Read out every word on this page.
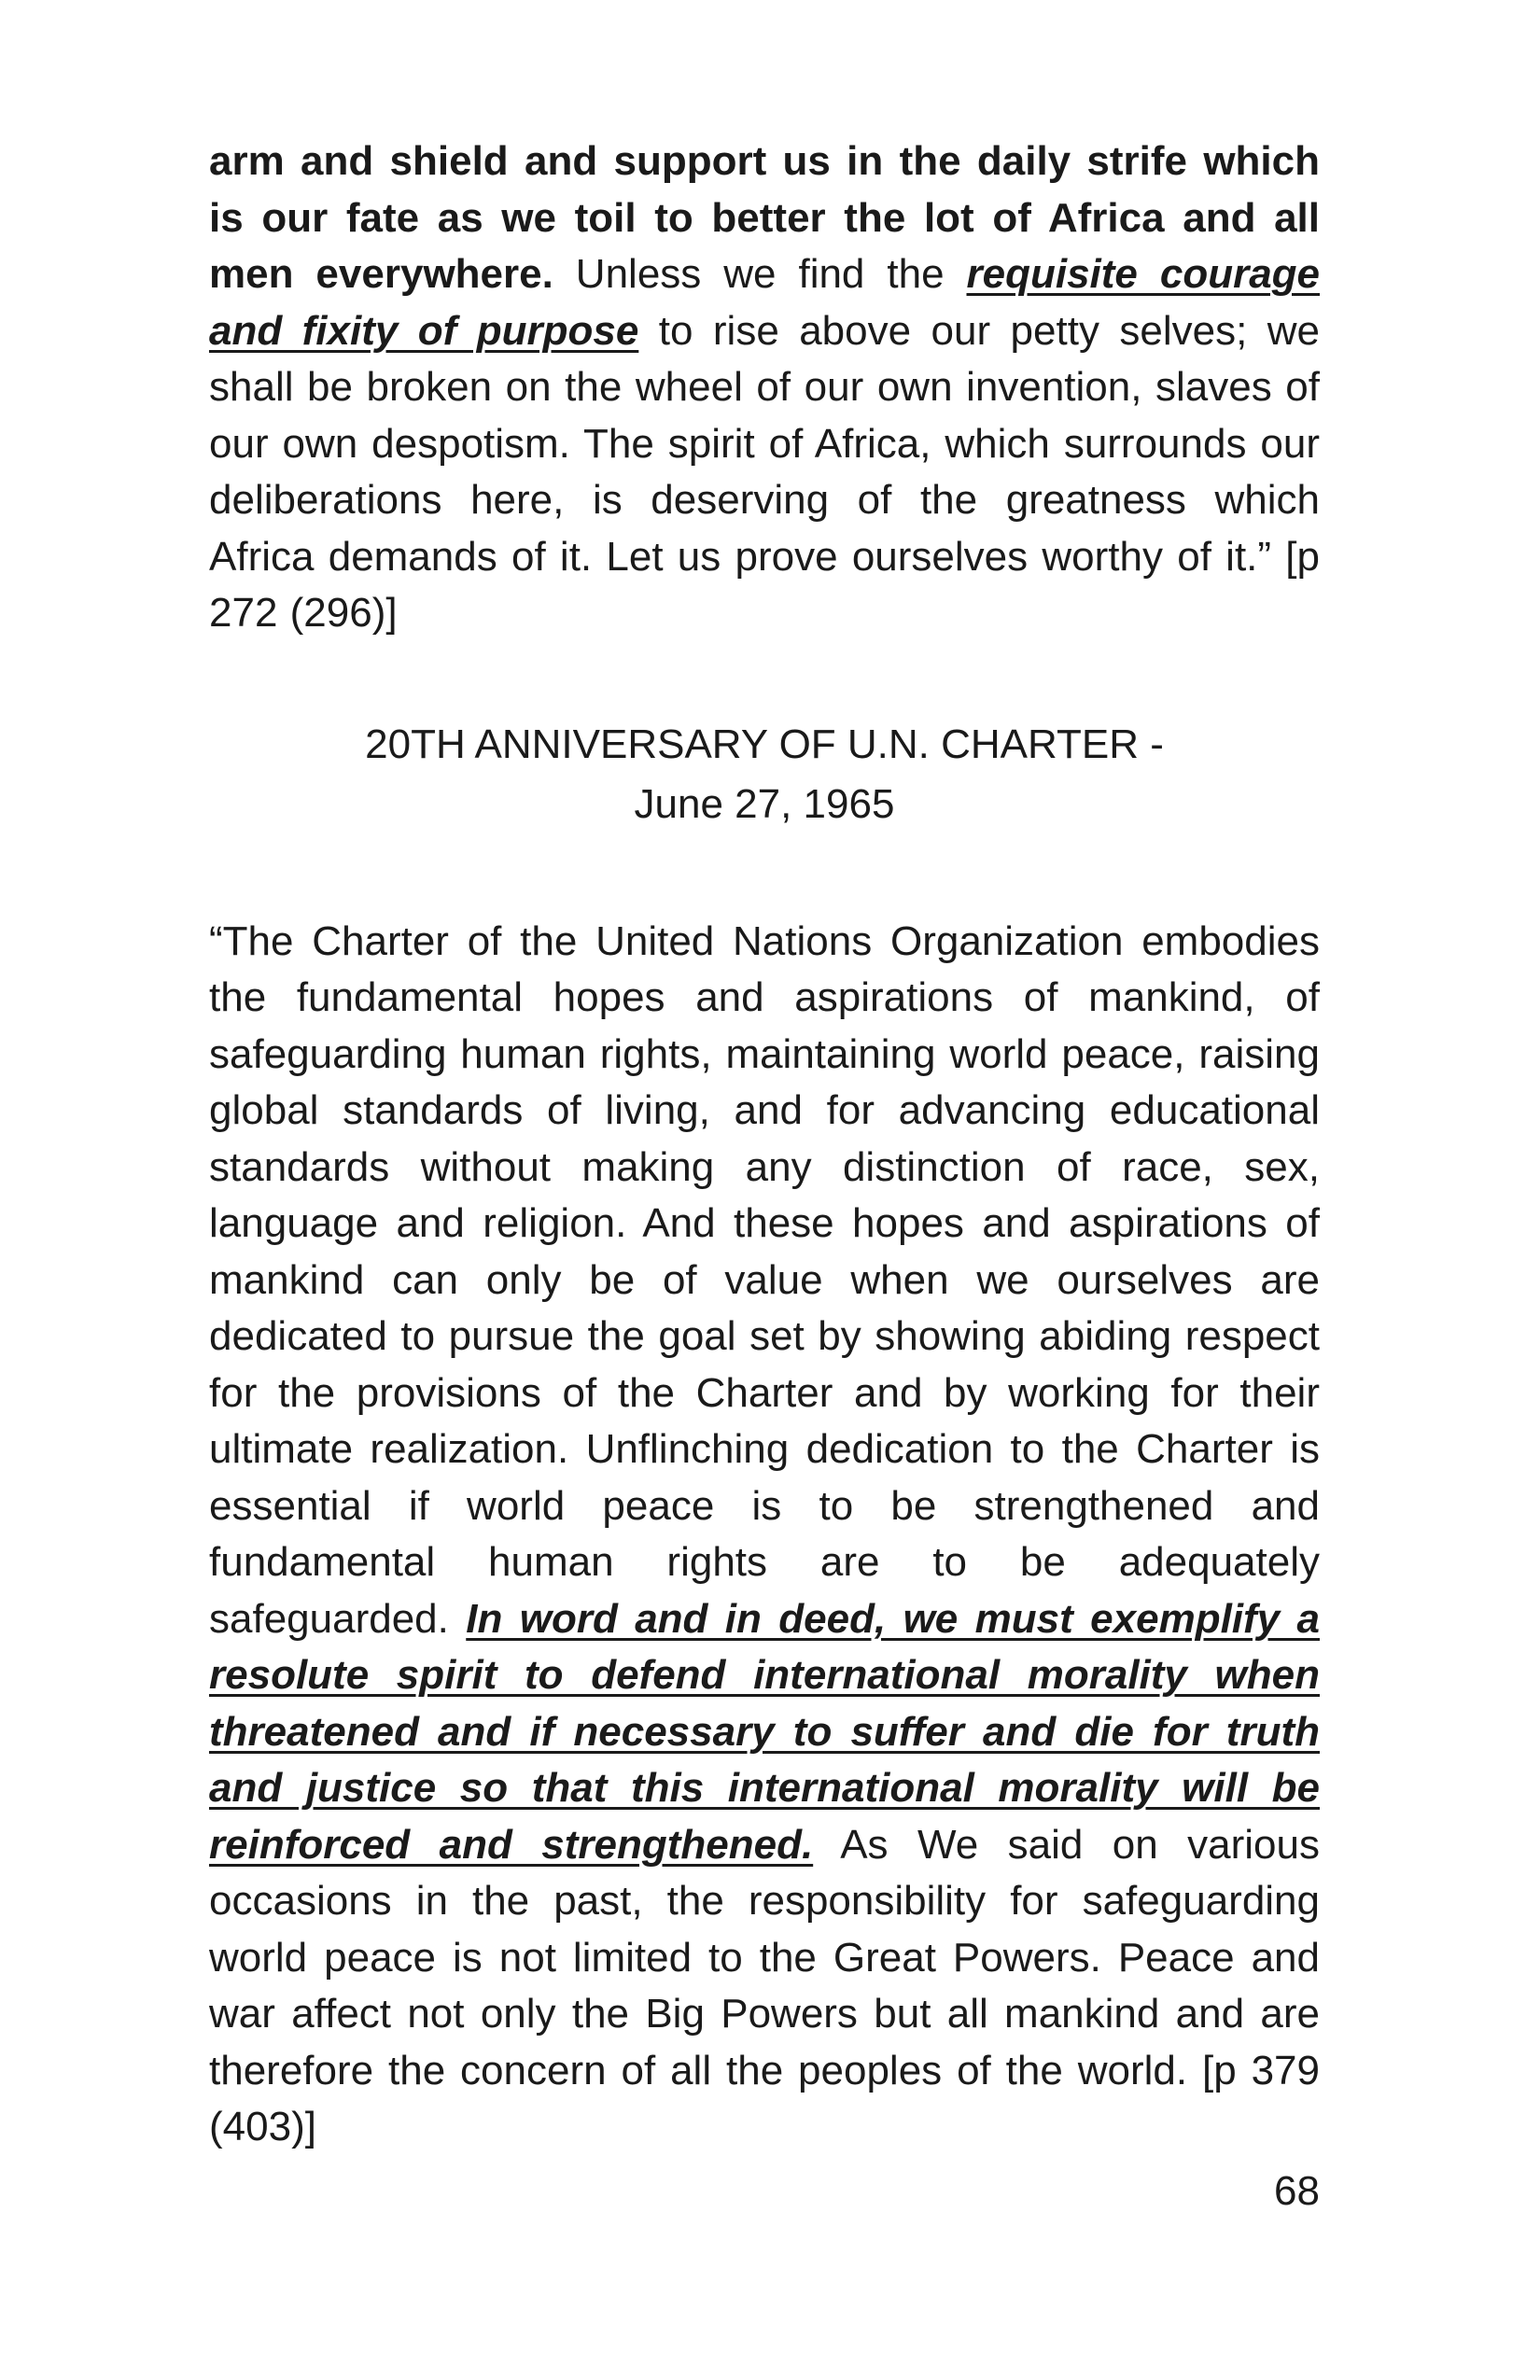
arm and shield and support us in the daily strife which is our fate as we toil to better the lot of Africa and all men everywhere. Unless we find the requisite courage and fixity of purpose to rise above our petty selves; we shall be broken on the wheel of our own invention, slaves of our own despotism. The spirit of Africa, which surrounds our deliberations here, is deserving of the greatness which Africa demands of it. Let us prove ourselves worthy of it.” [p 272 (296)]

20TH ANNIVERSARY OF U.N. CHARTER -
June 27, 1965

“The Charter of the United Nations Organization embodies the fundamental hopes and aspirations of mankind, of safeguarding human rights, maintaining world peace, raising global standards of living, and for advancing educational standards without making any distinction of race, sex, language and religion. And these hopes and aspirations of mankind can only be of value when we ourselves are dedicated to pursue the goal set by showing abiding respect for the provisions of the Charter and by working for their ultimate realization. Unflinching dedication to the Charter is essential if world peace is to be strengthened and fundamental human rights are to be adequately safeguarded. In word and in deed, we must exemplify a resolute spirit to defend international morality when threatened and if necessary to suffer and die for truth and justice so that this international morality will be reinforced and strengthened. As We said on various occasions in the past, the responsibility for safeguarding world peace is not limited to the Great Powers. Peace and war affect not only the Big Powers but all mankind and are therefore the concern of all the peoples of the world. [p 379 (403)]

68
